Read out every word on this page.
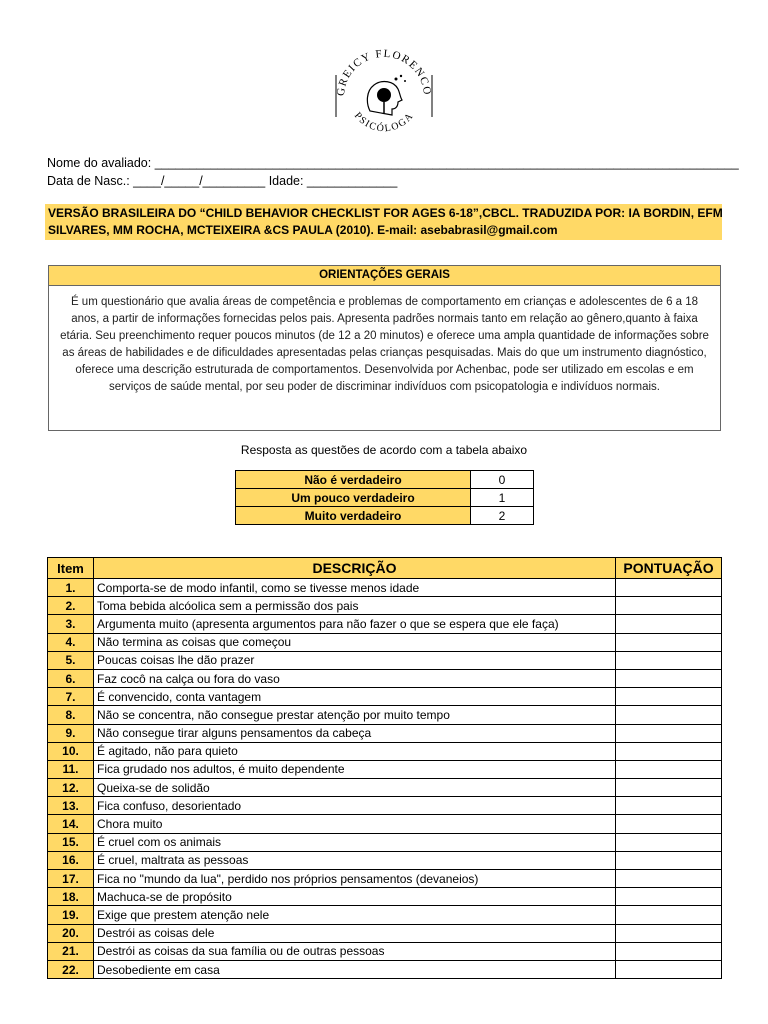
GREICY FLORENCO
PSICÓLOGA
Nome do avaliado: ____________________________________________________________________________________
Data de Nasc.: ____/_____/_________ Idade: _____________
VERSÃO BRASILEIRA DO “CHILD BEHAVIOR CHECKLIST FOR AGES 6-18”,CBCL. TRADUZIDA POR: IA BORDIN, EFM
SILVARES, MM ROCHA, MCTEIXEIRA &CS PAULA (2010). E-mail: asebabrasil@gmail.com
ORIENTAÇÕES GERAIS
É um questionário que avalia áreas de competência e problemas de comportamento em crianças e adolescentes de 6 a 18 anos, a partir de informações fornecidas pelos pais. Apresenta padrões normais tanto em relação ao gênero,quanto à faixa etária. Seu preenchimento requer poucos minutos (de 12 a 20 minutos) e oferece uma ampla quantidade de informações sobre as áreas de habilidades e de dificuldades apresentadas pelas crianças pesquisadas. Mais do que um instrumento diagnóstico, oferece uma descrição estruturada de comportamentos. Desenvolvida por Achenbac, pode ser utilizado em escolas e em serviços de saúde mental, por seu poder de discriminar indivíduos com psicopatologia e indivíduos normais.
Resposta as questões de acordo com a tabela abaixo
Não é verdadeiro	0
Um pouco verdadeiro	1
Muito verdadeiro	2
Item	DESCRIÇÃO	PONTUAÇÃO
1.	Comporta-se de modo infantil, como se tivesse menos idade	
2.	Toma bebida alcóolica sem a permissão dos pais	
3.	Argumenta muito (apresenta argumentos para não fazer o que se espera que ele faça)	
4.	Não termina as coisas que começou	
5.	Poucas coisas lhe dão prazer	
6.	Faz cocô na calça ou fora do vaso	
7.	É convencido, conta vantagem	
8.	Não se concentra, não consegue prestar atenção por muito tempo	
9.	Não consegue tirar alguns pensamentos da cabeça	
10.	É agitado, não para quieto	
11.	Fica grudado nos adultos, é muito dependente	
12.	Queixa-se de solidão	
13.	Fica confuso, desorientado	
14.	Chora muito	
15.	É cruel com os animais	
16.	É cruel, maltrata as pessoas	
17.	Fica no "mundo da lua", perdido nos próprios pensamentos (devaneios)	
18.	Machuca-se de propósito	
19.	Exige que prestem atenção nele	
20.	Destrói as coisas dele	
21.	Destrói as coisas da sua família ou de outras pessoas	
22.	Desobediente em casa	
